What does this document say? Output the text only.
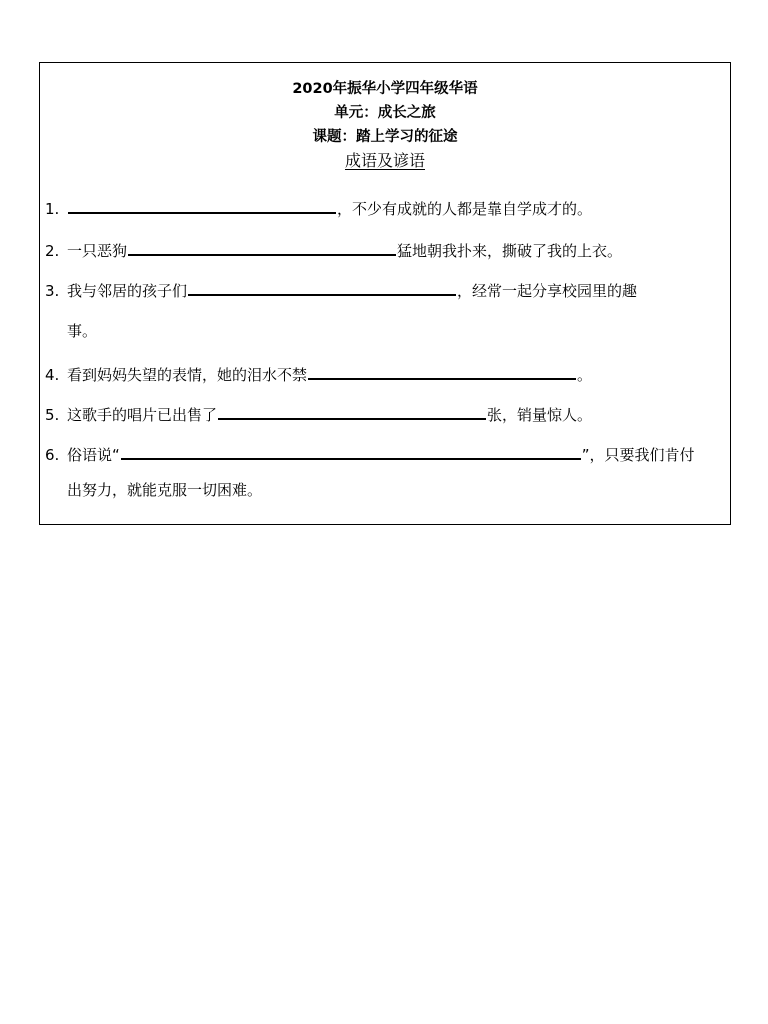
2020年振华小学四年级华语
单元：成长之旅
课题：踏上学习的征途
成语及谚语
1.	，不少有成就的人都是靠自学成才的。
2. 一只恶狗	猛地朝我扑来，撕破了我的上衣。
3. 我与邻居的孩子们	，经常一起分享校园里的趣
事。
4. 看到妈妈失望的表情，她的泪水不禁	。
5. 这歌手的唱片已出售了	张，销量惊人。
6. 俗语说“	”，只要我们肯付
出努力，就能克服一切困难。
